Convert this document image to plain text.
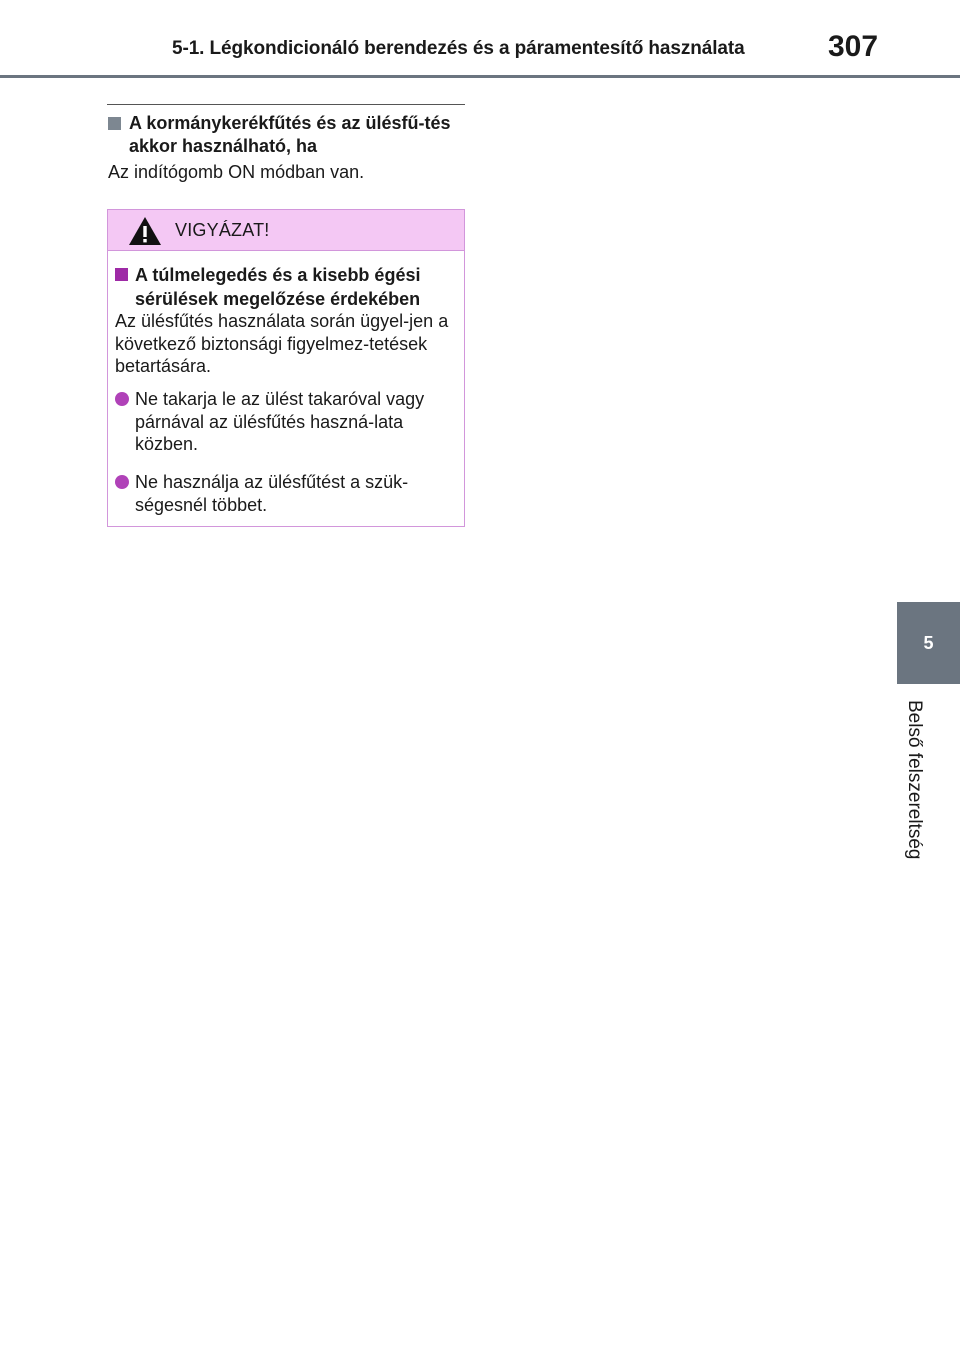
5-1. Légkondicionáló berendezés és a páramentesítő használata	307
5
Belső felszereltség
A kormánykerékfűtés és az ülésfű-tés akkor használható, ha
Az indítógomb ON módban van.
VIGYÁZAT!
A túlmelegedés és a kisebb égési sérülések megelőzése érdekében
Az ülésfűtés használata során ügyel-jen a következő biztonsági figyelmez-tetések betartására.
Ne takarja le az ülést takaróval vagy párnával az ülésfűtés haszná-lata közben.
Ne használja az ülésfűtést a szük-ségesnél többet.
